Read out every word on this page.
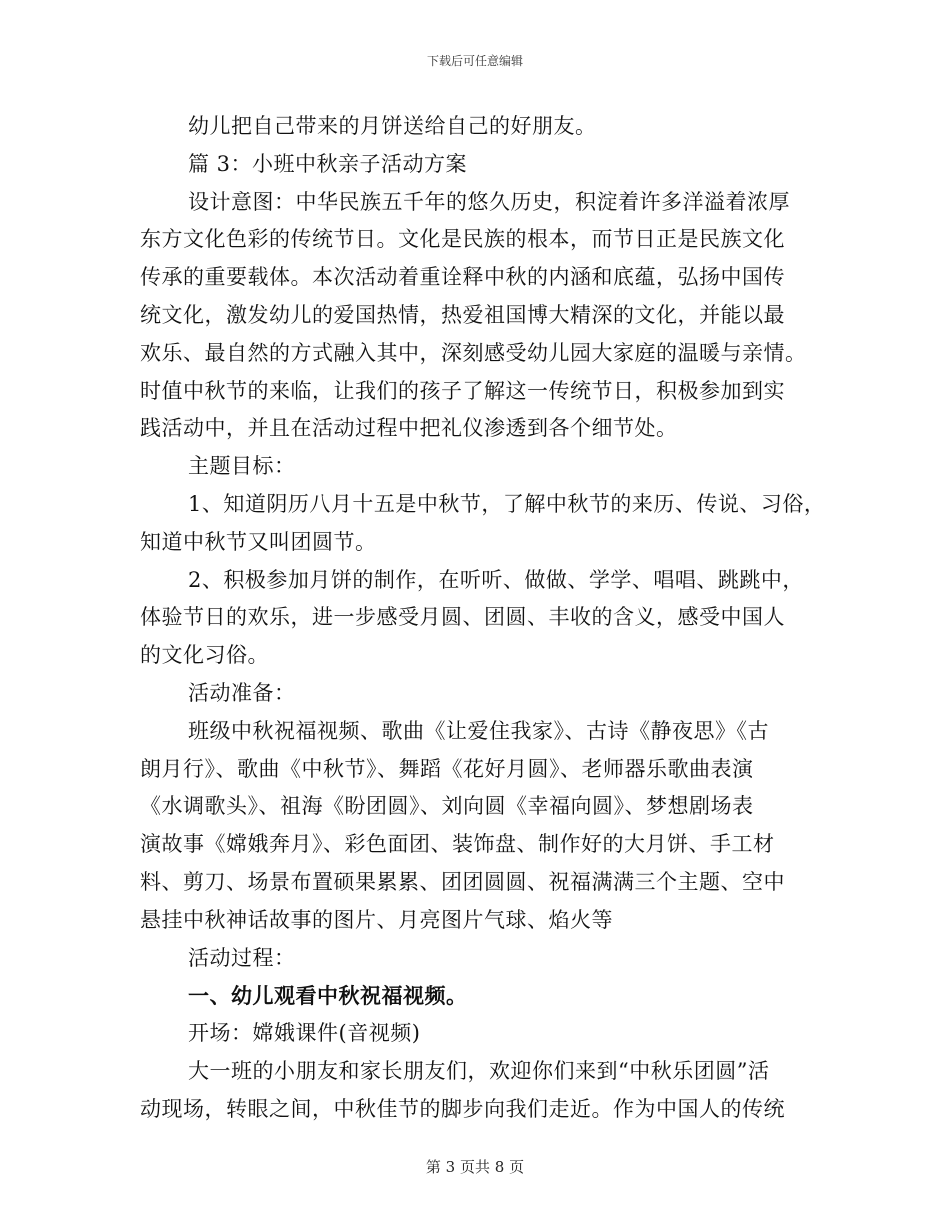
下载后可任意编辑
幼儿把自己带来的月饼送给自己的好朋友。
篇 3：小班中秋亲子活动方案
设计意图：中华民族五千年的悠久历史，积淀着许多洋溢着浓厚
东方文化色彩的传统节日。文化是民族的根本，而节日正是民族文化
传承的重要载体。本次活动着重诠释中秋的内涵和底蕴，弘扬中国传
统文化，激发幼儿的爱国热情，热爱祖国博大精深的文化，并能以最
欢乐、最自然的方式融入其中，深刻感受幼儿园大家庭的温暖与亲情。
时值中秋节的来临，让我们的孩子了解这一传统节日，积极参加到实
践活动中，并且在活动过程中把礼仪渗透到各个细节处。
主题目标：
1、知道阴历八月十五是中秋节，了解中秋节的来历、传说、习俗，
知道中秋节又叫团圆节。
2、积极参加月饼的制作，在听听、做做、学学、唱唱、跳跳中，
体验节日的欢乐，进一步感受月圆、团圆、丰收的含义，感受中国人
的文化习俗。
活动准备：
班级中秋祝福视频、歌曲《让爱住我家》、古诗《静夜思》《古
朗月行》、歌曲《中秋节》、舞蹈《花好月圆》、老师器乐歌曲表演
《水调歌头》、祖海《盼团圆》、刘向圆《幸福向圆》、梦想剧场表
演故事《嫦娥奔月》、彩色面团、装饰盘、制作好的大月饼、手工材
料、剪刀、场景布置硕果累累、团团圆圆、祝福满满三个主题、空中
悬挂中秋神话故事的图片、月亮图片气球、焰火等
活动过程：
一、幼儿观看中秋祝福视频。
开场：嫦娥课件(音视频)
大一班的小朋友和家长朋友们，欢迎你们来到“中秋乐团圆”活
动现场，转眼之间，中秋佳节的脚步向我们走近。作为中国人的传统
第 3 页共 8 页
